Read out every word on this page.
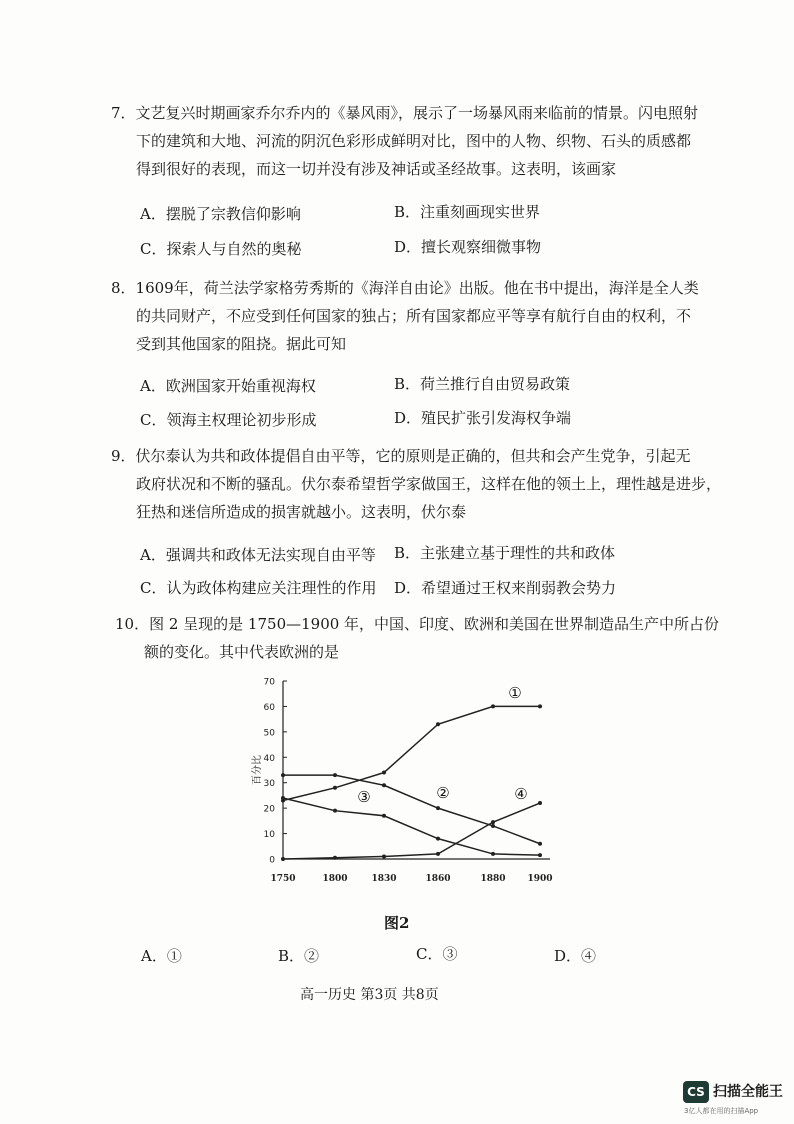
7．文艺复兴时期画家乔尔乔内的《暴风雨》，展示了一场暴风雨来临前的情景。闪电照射
下的建筑和大地、河流的阴沉色彩形成鲜明对比，图中的人物、织物、石头的质感都
得到很好的表现，而这一切并没有涉及神话或圣经故事。这表明，该画家
A．摆脱了宗教信仰影响	B．注重刻画现实世界
C．探索人与自然的奥秘	D．擅长观察细微事物
8．1609年，荷兰法学家格劳秀斯的《海洋自由论》出版。他在书中提出，海洋是全人类
的共同财产，不应受到任何国家的独占；所有国家都应平等享有航行自由的权利，不
受到其他国家的阻挠。据此可知
A．欧洲国家开始重视海权	B．荷兰推行自由贸易政策
C．领海主权理论初步形成	D．殖民扩张引发海权争端
9．伏尔泰认为共和政体提倡自由平等，它的原则是正确的，但共和会产生党争，引起无
政府状况和不断的骚乱。伏尔泰希望哲学家做国王，这样在他的领土上，理性越是进步，
狂热和迷信所造成的损害就越小。这表明，伏尔泰
A．强调共和政体无法实现自由平等 B．主张建立基于理性的共和政体
C．认为政体构建应关注理性的作用 D．希望通过王权来削弱教会势力
10．图 2 呈现的是 1750—1900 年，中国、印度、欧洲和美国在世界制造品生产中所占份
额的变化。其中代表欧洲的是
0
10
20
30
40
50
60
70
1750	1800	1830	1860	1880 1900
百分比
①
②
③	④
图2
A．①	B．②	C．③	D．④
高一历史 第3页 共8页
CS 扫描全能王
3亿人都在用的扫描App
